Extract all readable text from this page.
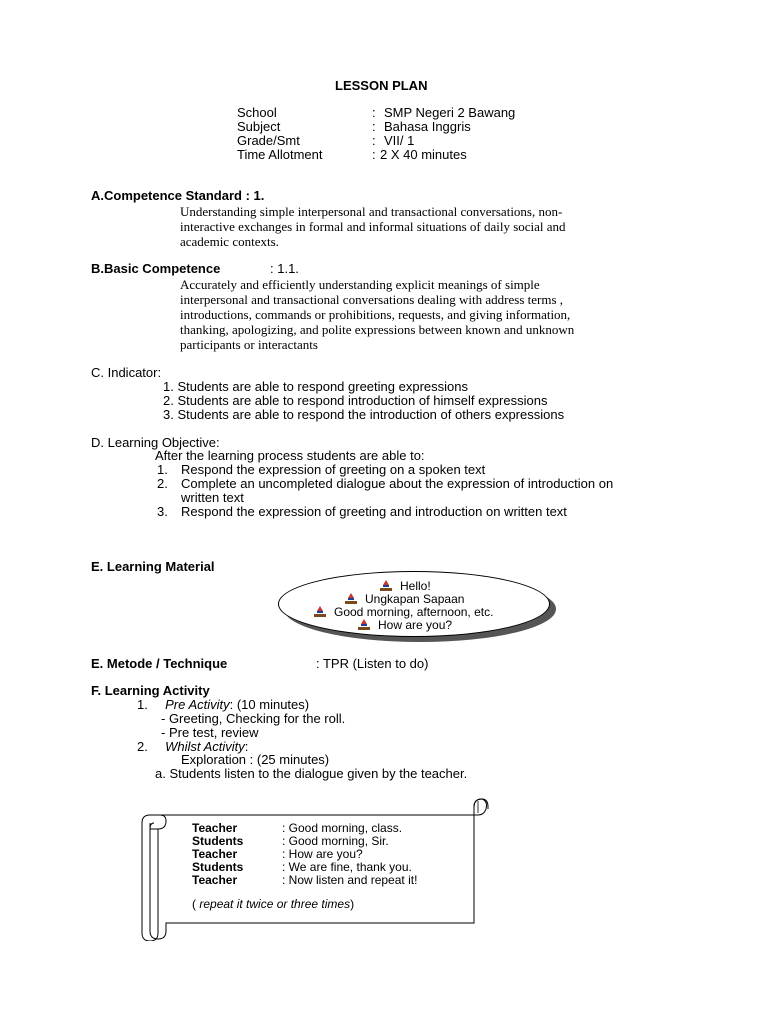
LESSON PLAN
School	: SMP Negeri 2 Bawang
Subject	: Bahasa Inggris
Grade/Smt	: VII/ 1
Time Allotment	: 2 X 40 minutes
A.Competence Standard : 1.
Understanding simple interpersonal and transactional conversations, non-
interactive exchanges in formal and informal situations of daily social and
academic contexts.
B.Basic Competence	: 1.1.
Accurately and efficiently understanding explicit meanings of simple
interpersonal and transactional conversations dealing with address terms ,
introductions, commands or prohibitions, requests, and giving information,
thanking, apologizing, and polite expressions between known and unknown
participants or interactants
C. Indicator:
1. Students are able to respond greeting expressions
2. Students are able to respond introduction of himself expressions
3. Students are able to respond the introduction of others expressions
D. Learning Objective:
After the learning process students are able to:
1. Respond the expression of greeting on a spoken text
2. Complete an uncompleted dialogue about the expression of introduction on
written text
3. Respond the expression of greeting and introduction on written text
E. Learning Material
Hello!
Ungkapan Sapaan
Good morning, afternoon, etc.
How are you?
E. Metode / Technique	: TPR (Listen to do)
F. Learning Activity
1. Pre Activity: (10 minutes)
- Greeting, Checking for the roll.
- Pre test, review
2. Whilst Activity:
Exploration : (25 minutes)
a. Students listen to the dialogue given by the teacher.
Teacher	: Good morning, class.
Students	: Good morning, Sir.
Teacher	: How are you?
Students	: We are fine, thank you.
Teacher	: Now listen and repeat it!
( repeat it twice or three times)
